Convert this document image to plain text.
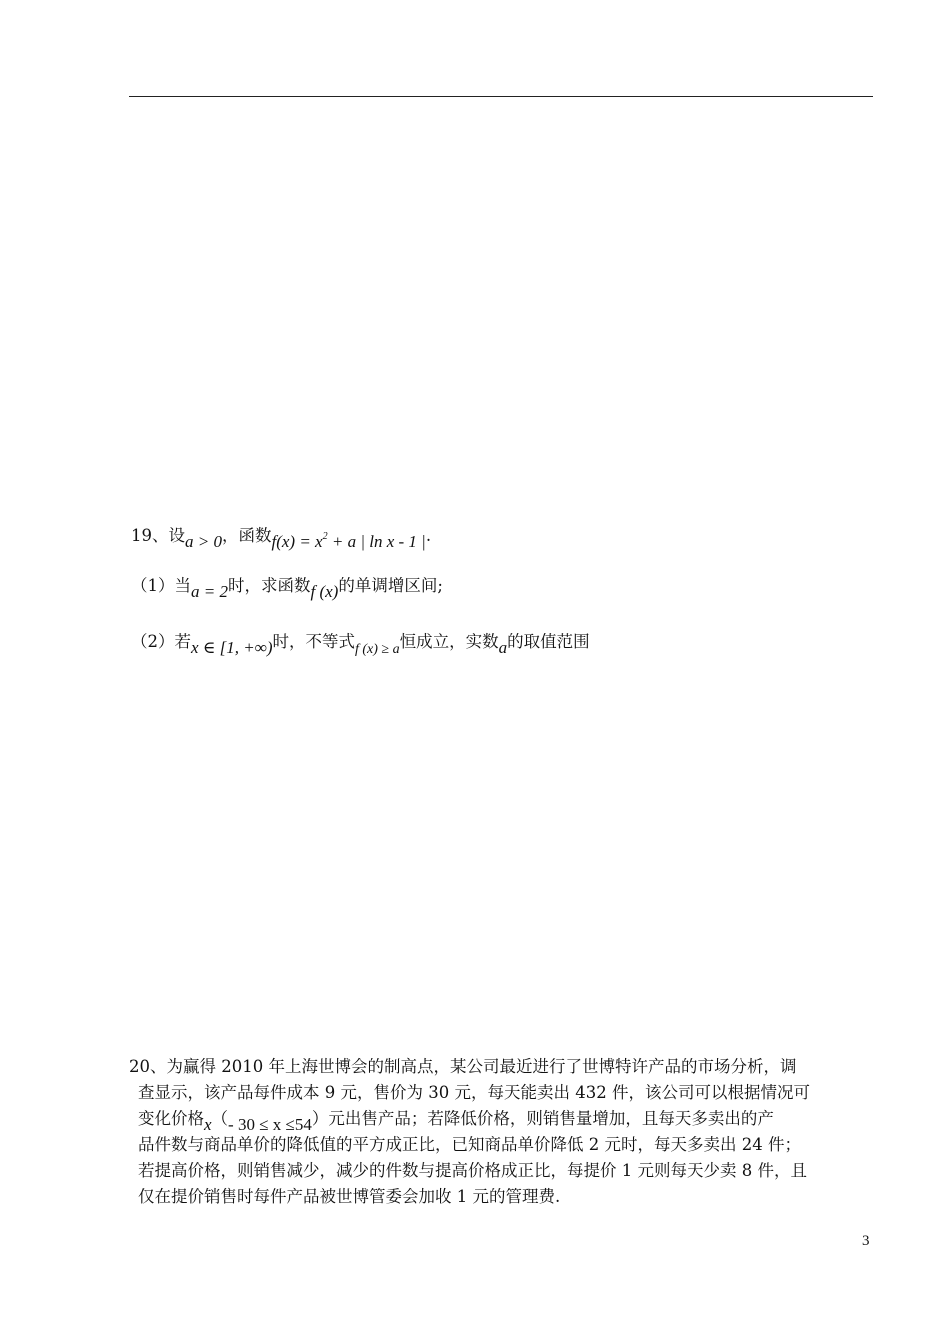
19、设a > 0，函数$f(x) = x^2 + a$ | ln x - 1 |.
（1）当a = 2时，求函数f (x)的单调增区间;
（2）若x ∈ [1, +∞)时，不等式$_{f (x) \ge a}$恒成立，实数a的取值范围
20、为赢得 2010 年上海世博会的制高点，某公司最近进行了世博特许产品的市场分析，调
查显示，该产品每件成本 9 元，售价为 30 元，每天能卖出 432 件，该公司可以根据情况可
变化价格x（- 30 ≤ x ≤54）元出售产品；若降低价格，则销售量增加，且每天多卖出的产
品件数与商品单价的降低值的平方成正比，已知商品单价降低 2 元时，每天多卖出 24 件；
若提高价格，则销售减少，减少的件数与提高价格成正比，每提价 1 元则每天少卖 8 件，且
仅在提价销售时每件产品被世博管委会加收 1 元的管理费.
3
